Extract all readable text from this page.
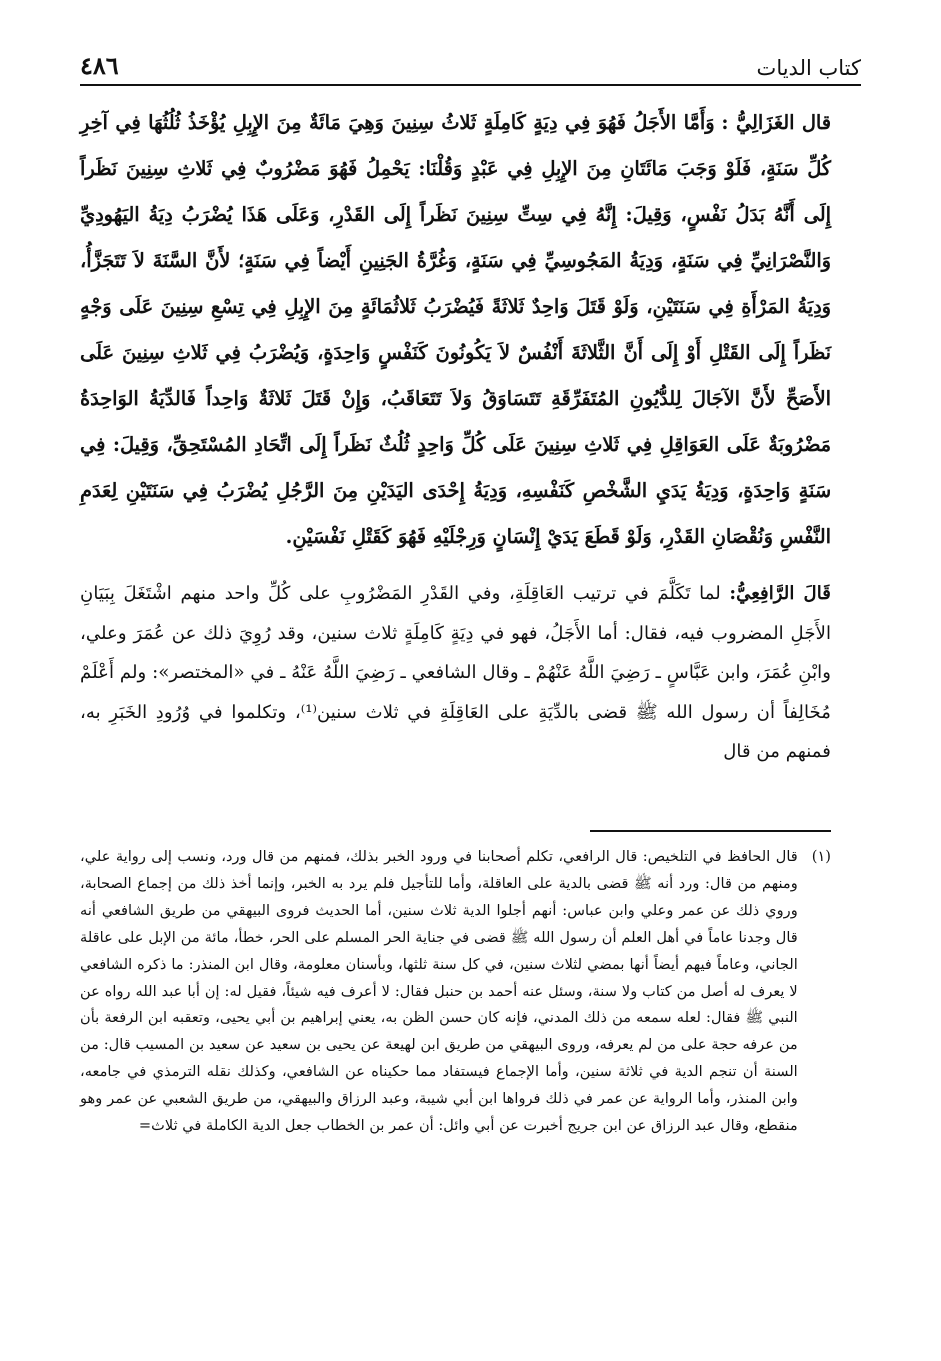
٤٨٦	كتاب الديات

قال الغَزَالِيُّ : وَأَمَّا الأَجَلُ فَهُوَ فِي دِيَةٍ كَامِلَةٍ ثَلاثُ سِنِينَ وَهِيَ مَائَةٌ مِنَ الإِبِلِ يُؤْخَذُ ثُلُثُهَا فِي آخِرِ كُلِّ سَنَةٍ، فَلَوْ وَجَبَ مَائَتَانِ مِنَ الإِبِلِ فِي عَبْدٍ وَقُلْنَا: يَحْمِلُ فَهُوَ مَضْرُوبٌ فِي ثَلاثِ سِنِينَ نَظَراً إِلَى أَنَّهُ بَدَلُ نَفْسٍ، وَقِيلَ: إِنَّهُ فِي سِتِّ سِنِينَ نَظَراً إِلَى القَدْرِ، وَعَلَى هَذَا يُضْرَبُ دِيَةُ اليَهُودِيِّ وَالنَّصْرَانِيِّ فِي سَنَةٍ، وَدِيَةُ المَجُوسِيِّ فِي سَنَةٍ، وَغُرَّةُ الجَنِينِ أَيْضاً فِي سَنَةٍ؛ لأَنَّ السَّنَةَ لاَ تَتَجَزَّأُ، وَدِيَةُ المَرْأَةِ فِي سَنَتَيْنِ، وَلَوْ قَتَلَ وَاحِدٌ ثَلاثَةً فَيُضْرَبُ ثَلاثُمَائَةٍ مِنَ الإِبِلِ فِي تِسْعِ سِنِينَ عَلَى وَجْهٍ نَظَراً إِلَى القَتْلِ أَوْ إِلَى أَنَّ الثَّلاثَةَ أَنْفُسٌ لاَ يَكُونُونَ كَنَفْسٍ وَاحِدَةٍ، وَيُضْرَبُ فِي ثَلاثِ سِنِينَ عَلَى الأَصَحِّ لأَنَّ الآجَالَ لِلدُّيُونِ المُتَفَرِّقَةِ تَتَسَاوَقُ وَلاَ تَتَعَاقَبُ، وَإِنْ قَتَلَ ثَلاثَةٌ وَاحِداً فَالدِّيَةُ الوَاحِدَةُ مَضْرُوبَةٌ عَلَى العَوَاقِلِ فِي ثَلاثِ سِنِينَ عَلَى كُلِّ وَاحِدٍ ثُلُثٌ نَظَراً إِلَى اتِّحَادِ المُسْتَحِقِّ، وَقِيلَ: فِي سَنَةٍ وَاحِدَةٍ، وَدِيَةُ يَدَيِ الشَّخْصِ كَنَفْسِهِ، وَدِيَةُ إِحْدَى اليَدَيْنِ مِنَ الرَّجُلِ يُضْرَبُ فِي سَنَتَيْنِ لِعَدَمِ النَّفْسِ وَنُقْصَانِ القَدْرِ، وَلَوْ قَطَعَ يَدَيْ إِنْسَانٍ وَرِجْلَيْهِ فَهُوَ كَقَتْلِ نَفْسَيْنِ.

قَالَ الرَّافِعِيُّ: لما تَكَلَّمَ في ترتيب العَاقِلَةِ، وفي القَدْرِ المَضْرُوبِ على كُلِّ واحد منهم اشْتَغَلَ بِبَيَانِ الأَجَلِ المضروب فيه، فقال: أما الأَجَلُ، فهو في دِيَةٍ كَامِلَةٍ ثلاث سنين، وقد رُوِيَ ذلك عن عُمَرَ وعلي، وابْنِ عُمَرَ، وابن عَبَّاسٍ ـ رَضِيَ اللَّهُ عَنْهُمْ ـ وقال الشافعي ـ رَضِيَ اللَّهُ عَنْهُ ـ في «المختصر»: ولم أَعْلَمْ مُخَالِفاً أن رسول الله ﷺ قضى بالدِّيَةِ على العَاقِلَةِ في ثلاث سنين⁽¹⁾، وتكلموا في وُرُودِ الخَبَرِ به، فمنهم من قال

(١)
قال الحافظ في التلخيص: قال الرافعي، تكلم أصحابنا في ورود الخبر بذلك، فمنهم من قال ورد، ونسب إلى رواية علي، ومنهم من قال: ورد أنه ﷺ قضى بالدية على العاقلة، وأما للتأجيل فلم يرد به الخبر، وإنما أخذ ذلك من إجماع الصحابة، وروي ذلك عن عمر وعلي وابن عباس: أنهم أجلوا الدية ثلاث سنين، أما الحديث فروى البيهقي من طريق الشافعي أنه قال وجدنا عاماً في أهل العلم أن رسول الله ﷺ قضى في جناية الحر المسلم على الحر، خطأ، مائة من الإبل على عاقلة الجاني، وعاماً فيهم أيضاً أنها بمضي لثلاث سنين، في كل سنة ثلثها، وبأسنان معلومة، وقال ابن المنذر: ما ذكره الشافعي لا يعرف له أصل من كتاب ولا سنة، وسئل عنه أحمد بن حنبل فقال: لا أعرف فيه شيئاً، فقيل له: إن أبا عبد الله رواه عن النبي ﷺ فقال: لعله سمعه من ذلك المدني، فإنه كان حسن الظن به، يعني إبراهيم بن أبي يحيى، وتعقبه ابن الرفعة بأن من عرفه حجة على من لم يعرفه، وروى البيهقي من طريق ابن لهيعة عن يحيى بن سعيد عن سعيد بن المسيب قال: من السنة أن تنجم الدية في ثلاثة سنين، وأما الإجماع فيستفاد مما حكيناه عن الشافعي، وكذلك نقله الترمذي في جامعه، وابن المنذر، وأما الرواية عن عمر في ذلك فرواها ابن أبي شيبة، وعبد الرزاق والبيهقي، من طريق الشعبي عن عمر وهو منقطع، وقال عبد الرزاق عن ابن جريج أخبرت عن أبي وائل: أن عمر بن الخطاب جعل الدية الكاملة في ثلاث=
